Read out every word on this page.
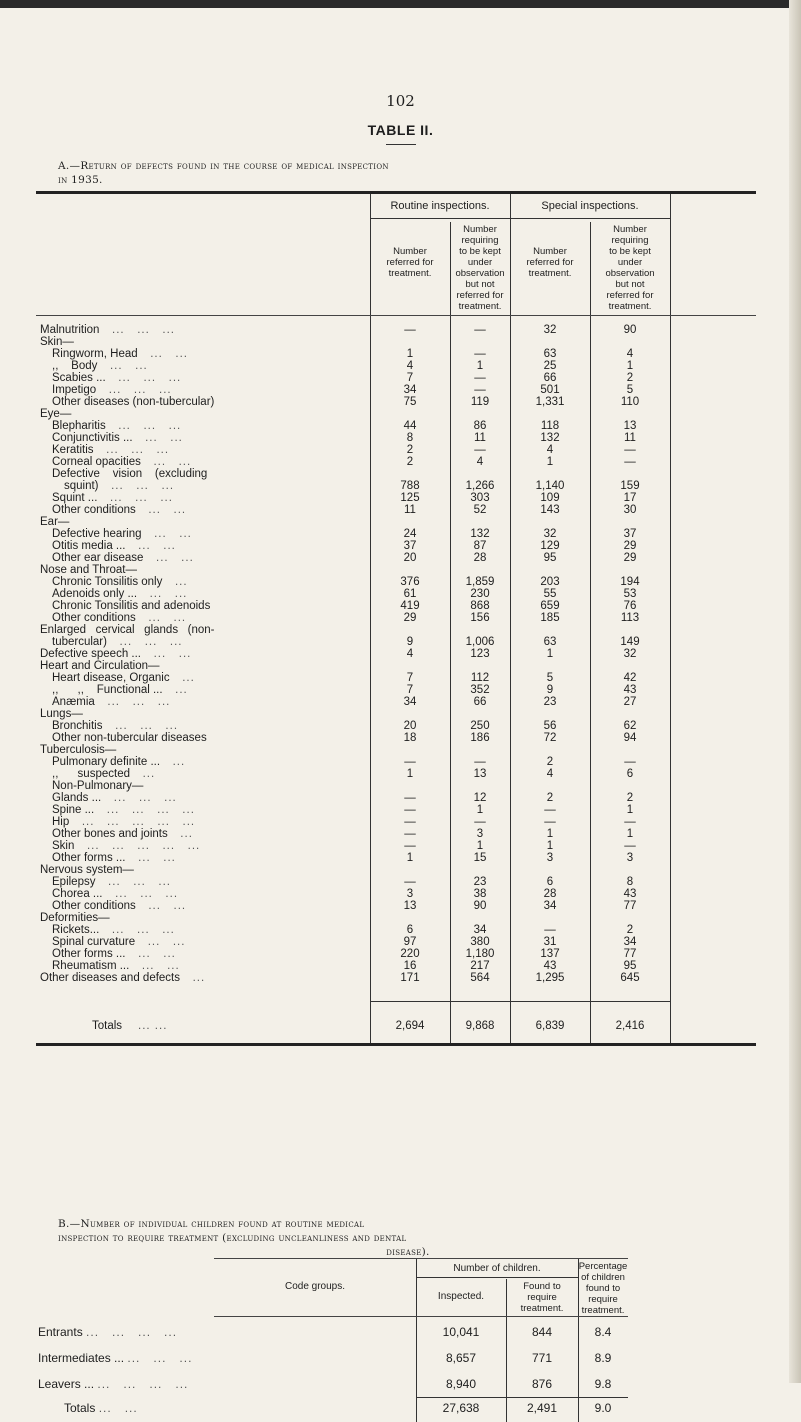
102
TABLE II.
A.—Return of defects found in the course of medical inspection
in 1935.
Routine inspections.	Special inspections.
Number
referred for
treatment.
Number
requiring
to be kept
under
observation
but not
referred for
treatment.
Number
referred for
treatment.
Number
requiring
to be kept
under
observation
but not
referred for
treatment.
Totals ... ...	2,694	9,868	6,839	2,416
Malnutrition   ...   ...   ...	—	—	32	90
Skin—
Ringworm, Head   ...   ...	1	—	63	4
,,    Body   ...   ...	4	1	25	1
Scabies ...   ...   ...   ...	7	—	66	2
Impetigo   ...   ...   ...	34	—	501	5
Other diseases (non-tubercular)	75	119	1,331	110
Eye—
Blepharitis   ...   ...   ...	44	86	118	13
Conjunctivitis ...   ...   ...	8	11	132	11
Keratitis   ...   ...   ...	2	—	4	—
Corneal opacities   ...   ...	2	4	1	—
Defective    vision    (excluding
squint)   ...   ...   ...	788	1,266	1,140	159
Squint ...   ...   ...   ...	125	303	109	17
Other conditions   ...   ...	11	52	143	30
Ear—
Defective hearing   ...   ...	24	132	32	37
Otitis media ...   ...   ...	37	87	129	29
Other ear disease   ...   ...	20	28	95	29
Nose and Throat—
Chronic Tonsilitis only   ...	376	1,859	203	194
Adenoids only ...   ...   ...	61	230	55	53
Chronic Tonsilitis and adenoids	419	868	659	76
Other conditions   ...   ...	29	156	185	113
Enlarged   cervical   glands   (non-
tubercular)   ...   ...   ...	9	1,006	63	149
Defective speech ...   ...   ...	4	123	1	32
Heart and Circulation—
Heart disease, Organic   ...	7	112	5	42
,,      ,,    Functional ...   ...	7	352	9	43
Anæmia   ...   ...   ...	34	66	23	27
Lungs—
Bronchitis   ...   ...   ...	20	250	56	62
Other non-tubercular diseases	18	186	72	94
Tuberculosis—
Pulmonary definite ...   ...	—	—	2	—
,,      suspected   ...	1	13	4	6
Non-Pulmonary—
Glands ...   ...   ...   ...	—	12	2	2
Spine ...   ...   ...   ...   ...	—	1	—	1
Hip   ...   ...   ...   ...   ...	—	—	—	—
Other bones and joints   ...	—	3	1	1
Skin   ...   ...   ...   ...   ...	—	1	1	—
Other forms ...   ...   ...	1	15	3	3
Nervous system—
Epilepsy   ...   ...   ...	—	23	6	8
Chorea ...   ...   ...   ...	3	38	28	43
Other conditions   ...   ...	13	90	34	77
Deformities—
Rickets...   ...   ...   ...	6	34	—	2
Spinal curvature   ...   ...	97	380	31	34
Other forms ...   ...   ...	220	1,180	137	77
Rheumatism ...   ...   ...	16	217	43	95
Other diseases and defects   ...	171	564	1,295	645
B.—Number of individual children found at routine medical
inspection to require treatment (excluding uncleanliness and dental
disease).
Code groups.
Number of children.
Inspected.
Found to
require
treatment.
Percentage
of children
found to
require
treatment.
Entrants ...   ...   ...   ...	10,041	844	8.4
Intermediates ... ...   ...   ...	8,657	771	8.9
Leavers ... ...   ...   ...   ...	8,940	876	9.8
Totals ...   ...	27,638	2,491	9.0
